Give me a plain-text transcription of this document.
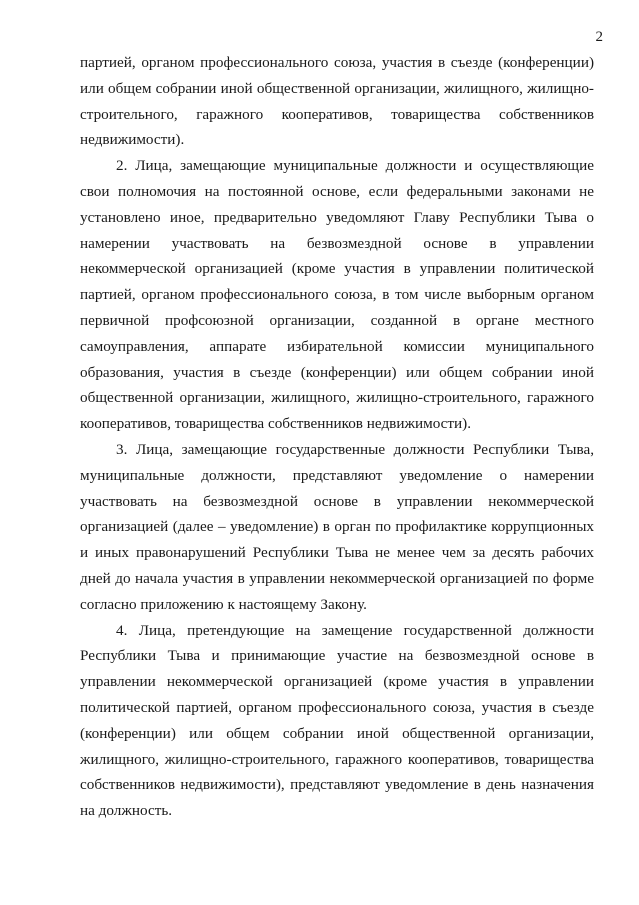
2

партией, органом профессионального союза, участия в съезде (конференции) или общем собрании иной общественной организации, жилищного, жилищно-строительного, гаражного кооперативов, товарищества собственников недвижимости).

2. Лица, замещающие муниципальные должности и осуществляющие свои полномочия на постоянной основе, если федеральными законами не установлено иное, предварительно уведомляют Главу Республики Тыва о намерении участвовать на безвозмездной основе в управлении некоммерческой организацией (кроме участия в управлении политической партией, органом профессионального союза, в том числе выборным органом первичной профсоюзной организации, созданной в органе местного самоуправления, аппарате избирательной комиссии муниципального образования, участия в съезде (конференции) или общем собрании иной общественной организации, жилищного, жилищно-строительного, гаражного кооперативов, товарищества собственников недвижимости).

3. Лица, замещающие государственные должности Республики Тыва, муниципальные должности, представляют уведомление о намерении участвовать на безвозмездной основе в управлении некоммерческой организацией (далее – уведомление) в орган по профилактике коррупционных и иных правонарушений Республики Тыва не менее чем за десять рабочих дней до начала участия в управлении некоммерческой организацией по форме согласно приложению к настоящему Закону.

4. Лица, претендующие на замещение государственной должности Республики Тыва и принимающие участие на безвозмездной основе в управлении некоммерческой организацией (кроме участия в управлении политической партией, органом профессионального союза, участия в съезде (конференции) или общем собрании иной общественной организации, жилищного, жилищно-строительного, гаражного кооперативов, товарищества собственников недвижимости), представляют уведомление в день назначения на должность.
